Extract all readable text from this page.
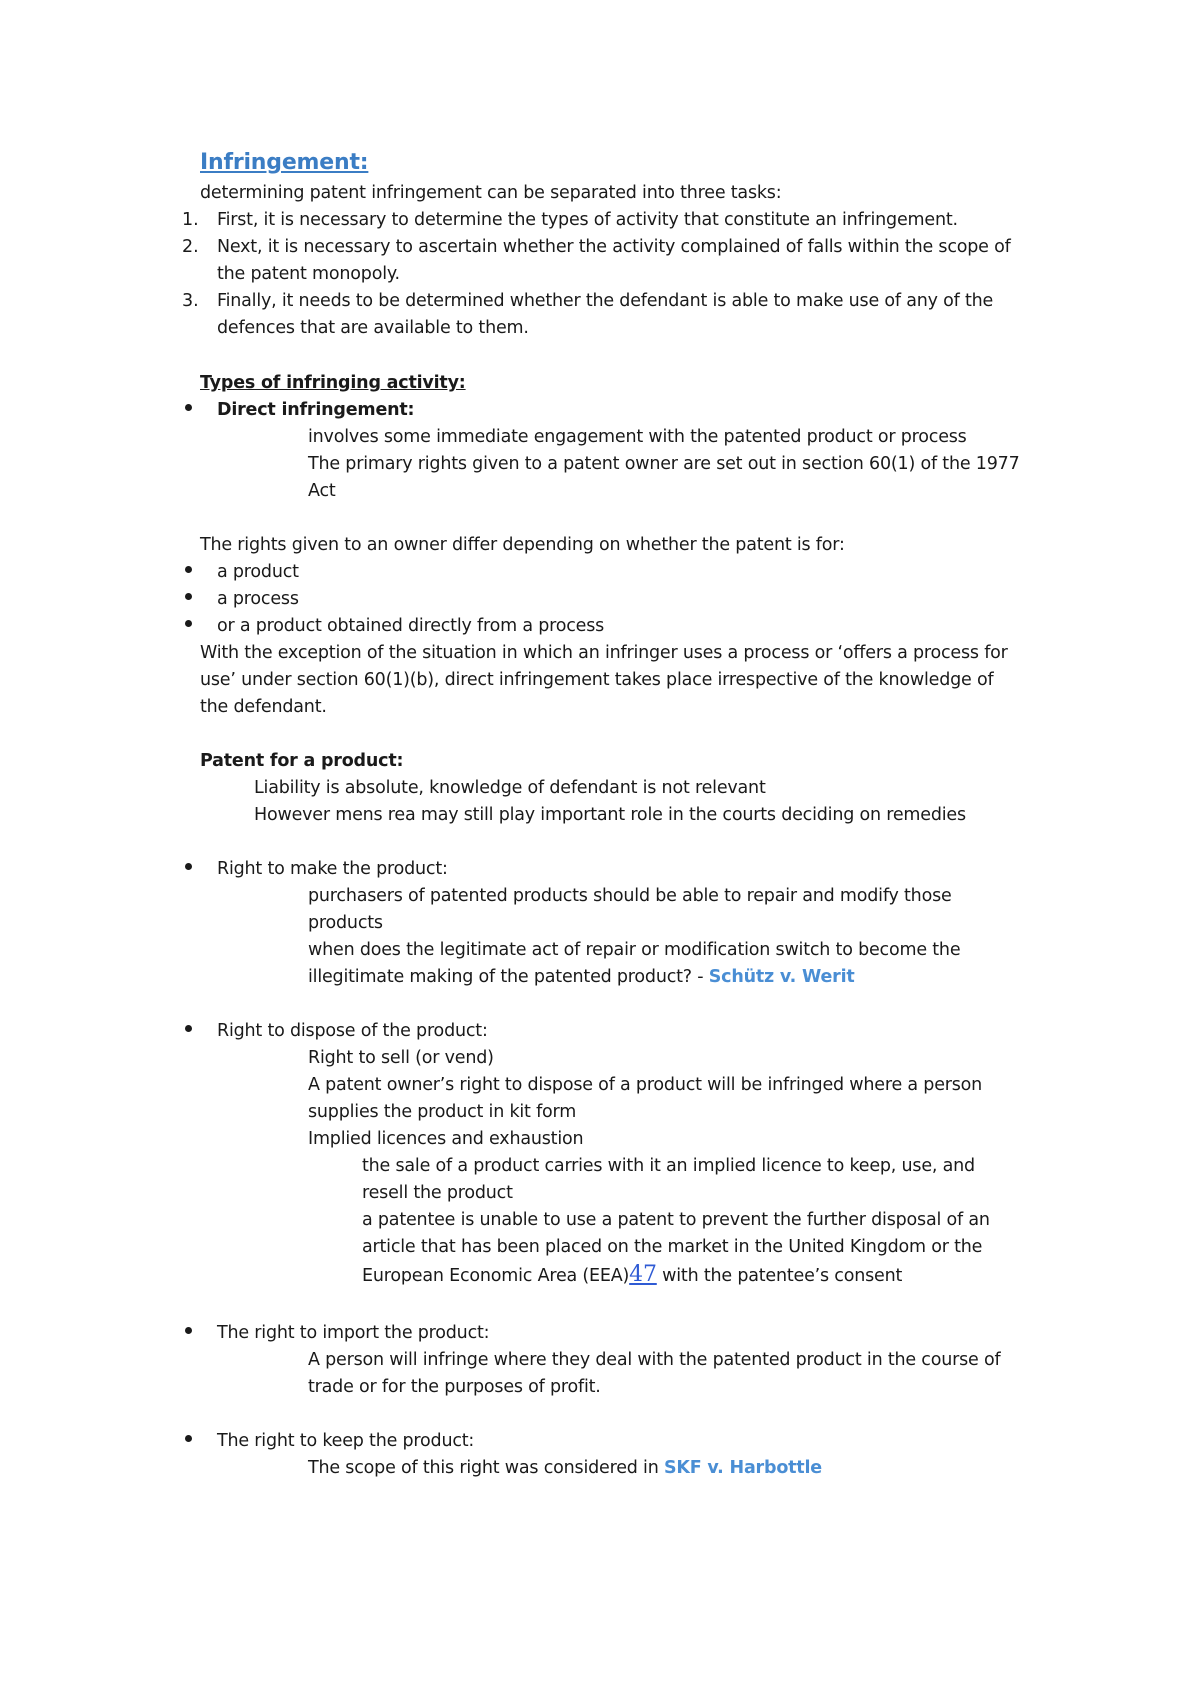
Infringement:
determining patent infringement can be separated into three tasks:
1. First, it is necessary to determine the types of activity that constitute an infringement.
2. Next, it is necessary to ascertain whether the activity complained of falls within the scope of
the patent monopoly.
3. Finally, it needs to be determined whether the defendant is able to make use of any of the
defences that are available to them.
Types of infringing activity:
Direct infringement:
involves some immediate engagement with the patented product or process
The primary rights given to a patent owner are set out in section 60(1) of the 1977
Act
The rights given to an owner differ depending on whether the patent is for:
a product
a process
or a product obtained directly from a process
With the exception of the situation in which an infringer uses a process or ‘offers a process for
use’ under section 60(1)(b), direct infringement takes place irrespective of the knowledge of
the defendant.
Patent for a product:
Liability is absolute, knowledge of defendant is not relevant
However mens rea may still play important role in the courts deciding on remedies
Right to make the product:
purchasers of patented products should be able to repair and modify those
products
when does the legitimate act of repair or modification switch to become the
illegitimate making of the patented product? - Schütz v. Werit
Right to dispose of the product:
Right to sell (or vend)
A patent owner’s right to dispose of a product will be infringed where a person
supplies the product in kit form
Implied licences and exhaustion
the sale of a product carries with it an implied licence to keep, use, and
resell the product
a patentee is unable to use a patent to prevent the further disposal of an
article that has been placed on the market in the United Kingdom or the
European Economic Area (EEA)47 with the patentee’s consent
The right to import the product:
A person will infringe where they deal with the patented product in the course of
trade or for the purposes of profit.
The right to keep the product:
The scope of this right was considered in SKF v. Harbottle
